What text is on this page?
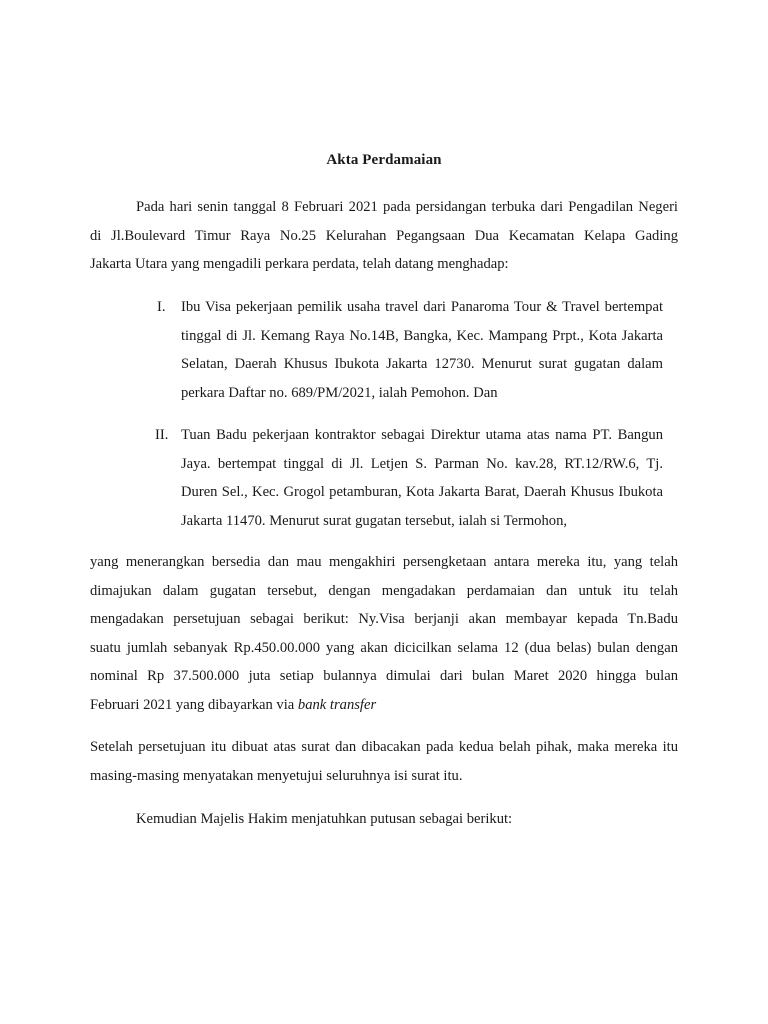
Akta Perdamaian
Pada hari senin tanggal 8 Februari 2021 pada persidangan terbuka dari Pengadilan Negeri
di Jl.Boulevard Timur Raya No.25 Kelurahan Pegangsaan Dua Kecamatan Kelapa Gading
Jakarta Utara yang mengadili perkara perdata, telah datang menghadap:
I. Ibu Visa pekerjaan pemilik usaha travel dari Panaroma Tour & Travel bertempat
tinggal di Jl. Kemang Raya No.14B, Bangka, Kec. Mampang Prpt., Kota Jakarta
Selatan, Daerah Khusus Ibukota Jakarta 12730. Menurut surat gugatan dalam
perkara Daftar no. 689/PM/2021, ialah Pemohon. Dan
II. Tuan Badu pekerjaan kontraktor sebagai Direktur utama atas nama PT. Bangun
Jaya. bertempat tinggal di Jl. Letjen S. Parman No. kav.28, RT.12/RW.6, Tj.
Duren Sel., Kec. Grogol petamburan, Kota Jakarta Barat, Daerah Khusus Ibukota
Jakarta 11470. Menurut surat gugatan tersebut, ialah si Termohon,
yang menerangkan bersedia dan mau mengakhiri persengketaan antara mereka itu, yang telah
dimajukan dalam gugatan tersebut, dengan mengadakan perdamaian dan untuk itu telah
mengadakan persetujuan sebagai berikut: Ny.Visa berjanji akan membayar kepada Tn.Badu
suatu jumlah sebanyak Rp.450.00.000 yang akan dicicilkan selama 12 (dua belas) bulan dengan
nominal Rp 37.500.000 juta setiap bulannya dimulai dari bulan Maret 2020 hingga bulan
Februari 2021 yang dibayarkan via bank transfer
Setelah persetujuan itu dibuat atas surat dan dibacakan pada kedua belah pihak, maka mereka itu
masing-masing menyatakan menyetujui seluruhnya isi surat itu.
Kemudian Majelis Hakim menjatuhkan putusan sebagai berikut:
